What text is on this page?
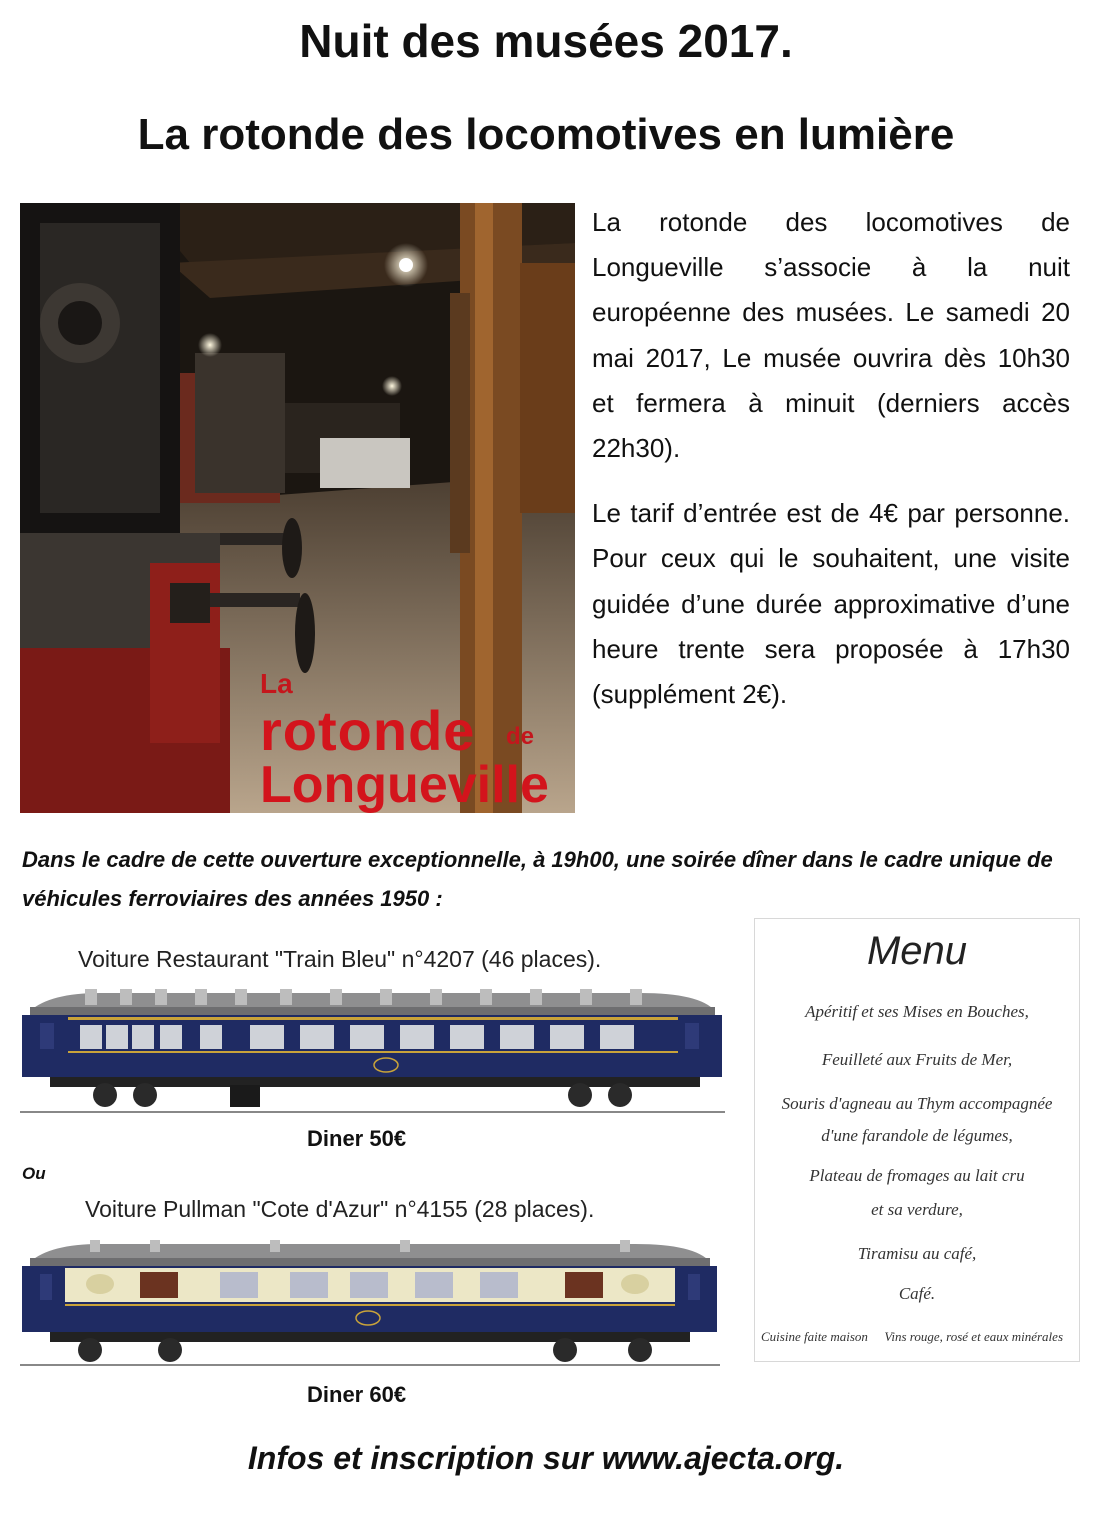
Nuit des musées 2017.
La rotonde des locomotives en lumière
La
rotonde de
Longueville

La rotonde des locomotives de Longueville s’associe à la nuit européenne des musées. Le samedi 20 mai 2017, Le musée ouvrira dès 10h30 et fermera à minuit (derniers accès 22h30).

Le tarif d’entrée est de 4€ par personne. Pour ceux qui le souhaitent, une visite guidée d’une durée approximative d’une heure trente sera proposée à 17h30 (supplément 2€).

Dans le cadre de cette ouverture exceptionnelle, à 19h00, une soirée dîner dans le cadre unique de véhicules ferroviaires des années 1950 :
Voiture Restaurant "Train Bleu" n°4207 (46 places).
Diner 50€
Ou
Voiture Pullman "Cote d'Azur" n°4155 (28 places).
Diner 60€
Menu
Apéritif et ses Mises en Bouches,
Feuilleté aux Fruits de Mer,
Souris d'agneau au Thym accompagnée
d'une farandole de légumes,
Plateau de fromages au lait cru
et sa verdure,
Tiramisu au café,
Café.
Cuisine faite maison Vins rouge, rosé et eaux minérales
Infos et inscription sur www.ajecta.org.
